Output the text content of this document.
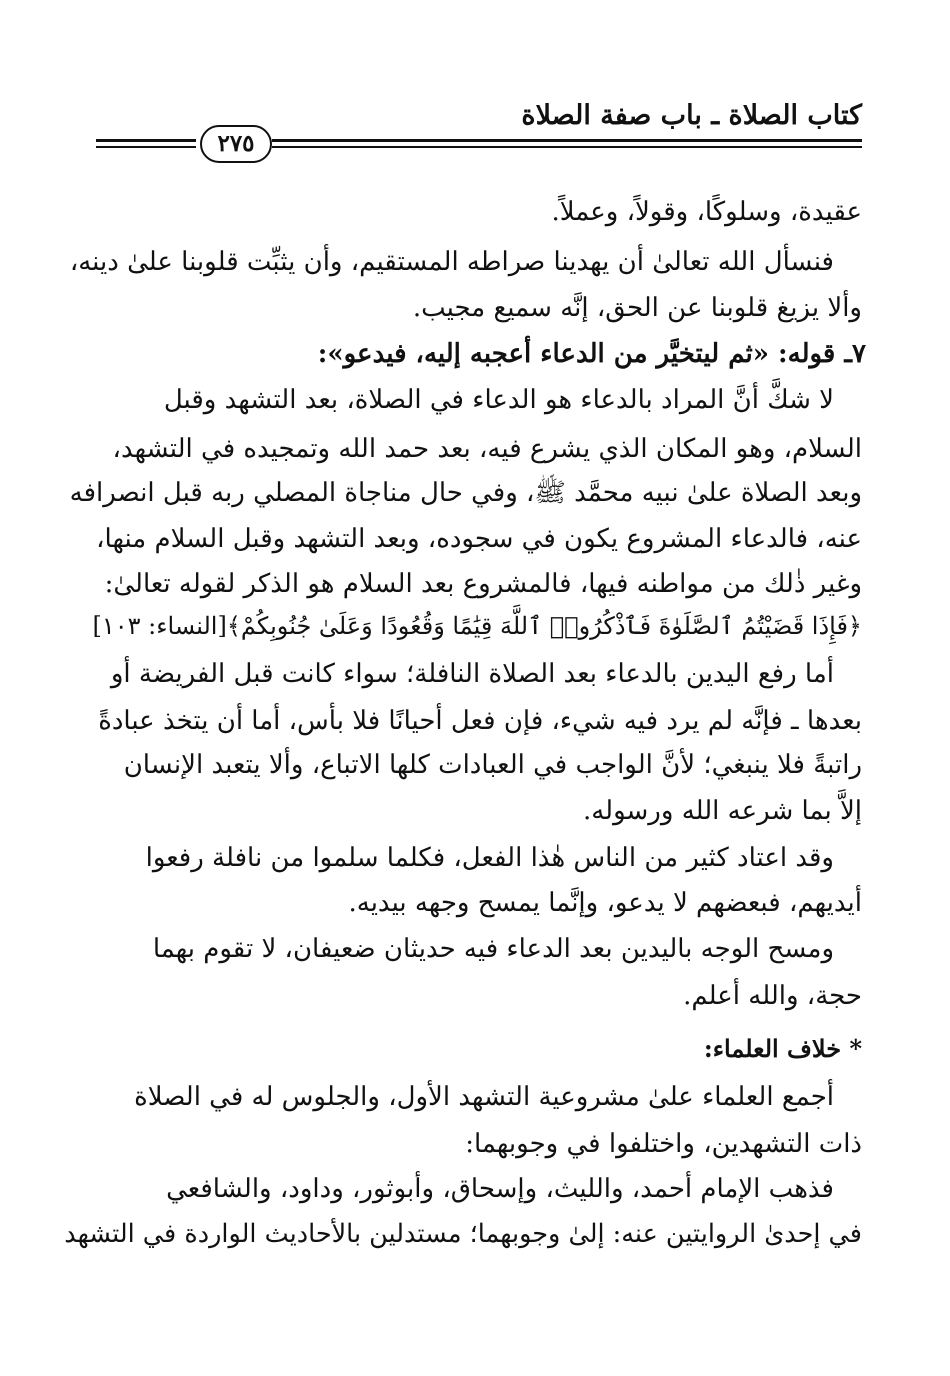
كتاب الصلاة ـ باب صفة الصلاة
٢٧٥
عقيدة، وسلوكًا، وقولاً، وعملاً.
فنسأل الله تعالىٰ أن يهدينا صراطه المستقيم، وأن يثبِّت قلوبنا علىٰ دينه،
وألا يزيغ قلوبنا عن الحق، إنَّه سميع مجيب.
٧ـ قوله: «ثم ليتخيَّر من الدعاء أعجبه إليه، فيدعو»:
لا شكَّ أنَّ المراد بالدعاء هو الدعاء في الصلاة، بعد التشهد وقبل
السلام، وهو المكان الذي يشرع فيه، بعد حمد الله وتمجيده في التشهد،
وبعد الصلاة علىٰ نبيه محمَّد ﷺ، وفي حال مناجاة المصلي ربه قبل انصرافه
عنه، فالدعاء المشروع يكون في سجوده، وبعد التشهد وقبل السلام منها،
وغير ذٰلك من مواطنه فيها، فالمشروع بعد السلام هو الذكر لقوله تعالىٰ:
﴿فَإِذَا قَضَيْتُمُ ٱلصَّلَوٰةَ فَٱذْكُرُوا۟ ٱللَّهَ قِيَٰمًا وَقُعُودًا وَعَلَىٰ جُنُوبِكُمْ﴾[النساء: ١٠٣]
أما رفع اليدين بالدعاء بعد الصلاة النافلة؛ سواء كانت قبل الفريضة أو
بعدها ـ فإنَّه لم يرد فيه شيء، فإن فعل أحيانًا فلا بأس، أما أن يتخذ عبادةً
راتبةً فلا ينبغي؛ لأنَّ الواجب في العبادات كلها الاتباع، وألا يتعبد الإنسان
إلاَّ بما شرعه الله ورسوله.
وقد اعتاد كثير من الناس هٰذا الفعل، فكلما سلموا من نافلة رفعوا
أيديهم، فبعضهم لا يدعو، وإنَّما يمسح وجهه بيديه.
ومسح الوجه باليدين بعد الدعاء فيه حديثان ضعيفان، لا تقوم بهما
حجة، والله أعلم.
* خلاف العلماء:
أجمع العلماء علىٰ مشروعية التشهد الأول، والجلوس له في الصلاة
ذات التشهدين، واختلفوا في وجوبهما:
فذهب الإمام أحمد، والليث، وإسحاق، وأبوثور، وداود، والشافعي
في إحدىٰ الروايتين عنه: إلىٰ وجوبهما؛ مستدلين بالأحاديث الواردة في التشهد
